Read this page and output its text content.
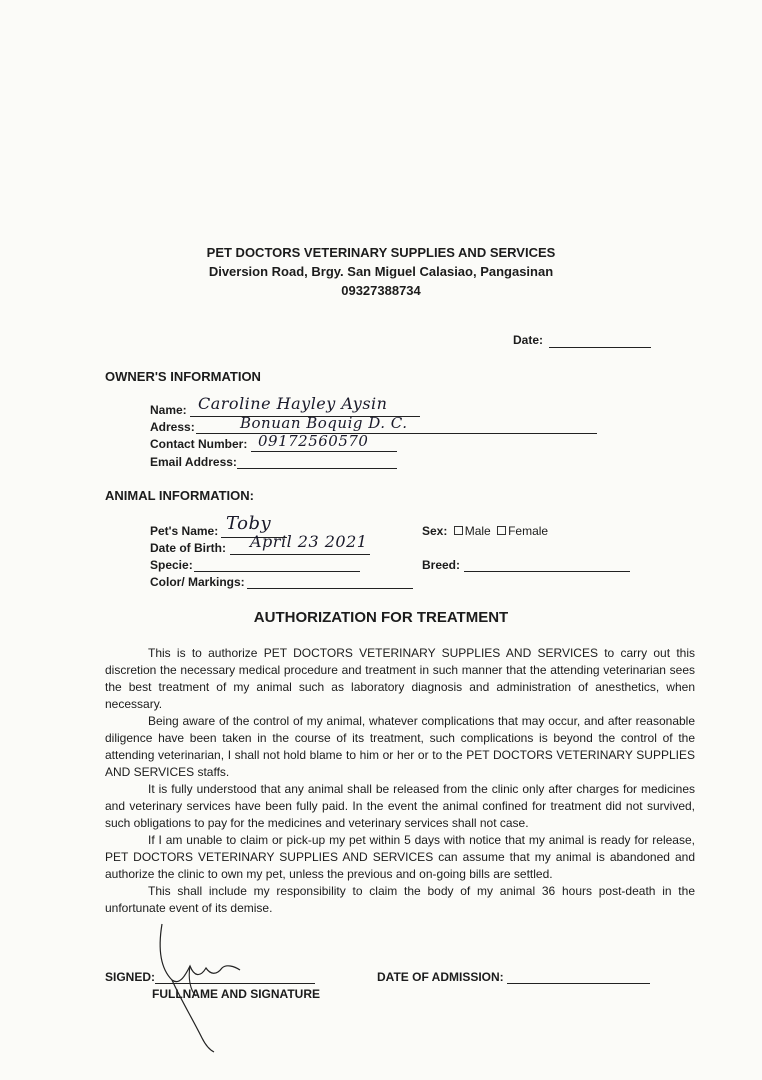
PET DOCTORS VETERINARY SUPPLIES AND SERVICES
Diversion Road, Brgy. San Miguel Calasiao, Pangasinan
09327388734
Date:
OWNER'S INFORMATION
Name: Caroline Hayley Aysin
Adress:	Bonuan Boquig D. C.
Contact Number: 09172560570
Email Address:
ANIMAL INFORMATION:
Pet's Name: Toby
Date of Birth: April 23 2021
Specie:
Color/ Markings:
Sex: Male Female
Breed:
AUTHORIZATION FOR TREATMENT

This is to authorize PET DOCTORS VETERINARY SUPPLIES AND SERVICES to carry out this discretion the necessary medical procedure and treatment in such manner that the attending veterinarian sees the best treatment of my animal such as laboratory diagnosis and administration of anesthetics, when necessary.

Being aware of the control of my animal, whatever complications that may occur, and after reasonable diligence have been taken in the course of its treatment, such complications is beyond the control of the attending veterinarian, I shall not hold blame to him or her or to the PET DOCTORS VETERINARY SUPPLIES AND SERVICES staffs.

It is fully understood that any animal shall be released from the clinic only after charges for medicines and veterinary services have been fully paid. In the event the animal confined for treatment did not survived, such obligations to pay for the medicines and veterinary services shall not case.

If I am unable to claim or pick-up my pet within 5 days with notice that my animal is ready for release, PET DOCTORS VETERINARY SUPPLIES AND SERVICES can assume that my animal is abandoned and authorize the clinic to own my pet, unless the previous and on-going bills are settled.

This shall include my responsibility to claim the body of my animal 36 hours post-death in the unfortunate event of its demise.

SIGNED:
FULLNAME AND SIGNATURE
DATE OF ADMISSION:
